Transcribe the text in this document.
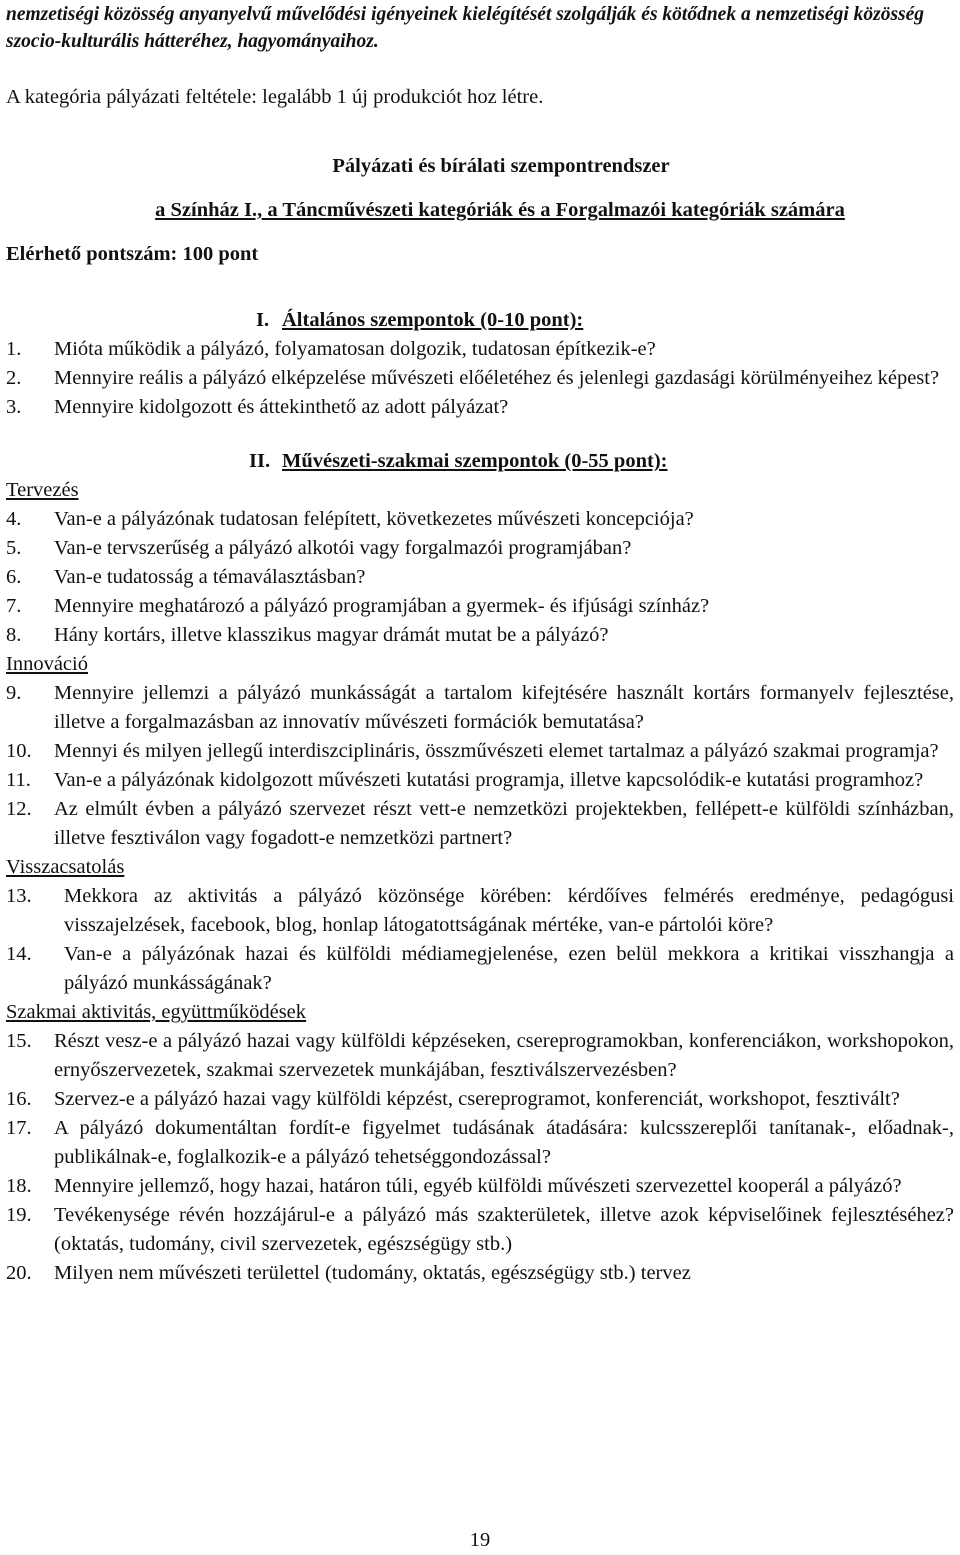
nemzetiségi közösség anyanyelvű művelődési igényeinek kielégítését szolgálják és kötődnek a nemzetiségi közösség szocio-kulturális hátteréhez, hagyományaihoz.
A kategória pályázati feltétele: legalább 1 új produkciót hoz létre.
Pályázati és bírálati szempontrendszer
a Színház I., a Táncművészeti kategóriák és a Forgalmazói kategóriák számára
Elérhető pontszám: 100 pont
I. Általános szempontok (0-10 pont):
1.	Mióta működik a pályázó, folyamatosan dolgozik, tudatosan építkezik-e?
2.	Mennyire reális a pályázó elképzelése művészeti előéletéhez és jelenlegi gazdasági körülményeihez képest?
3.	Mennyire kidolgozott és áttekinthető az adott pályázat?
II. Művészeti-szakmai szempontok (0-55 pont):
Tervezés
4.	Van-e a pályázónak tudatosan felépített, következetes művészeti koncepciója?
5.	Van-e tervszerűség a pályázó alkotói vagy forgalmazói programjában?
6.	Van-e tudatosság a témaválasztásban?
7.	Mennyire meghatározó a pályázó programjában a gyermek- és ifjúsági színház?
8.	Hány kortárs, illetve klasszikus magyar drámát mutat be a pályázó?
Innováció
9.	Mennyire jellemzi a pályázó munkásságát a tartalom kifejtésére használt kortárs formanyelv fejlesztése, illetve a forgalmazásban az innovatív művészeti formációk bemutatása?
10.	Mennyi és milyen jellegű interdiszciplináris, összművészeti elemet tartalmaz a pályázó szakmai programja?
11.	Van-e a pályázónak kidolgozott művészeti kutatási programja, illetve kapcsolódik-e kutatási programhoz?
12.	Az elmúlt évben a pályázó szervezet részt vett-e nemzetközi projektekben, fellépett-e külföldi színházban, illetve fesztiválon vagy fogadott-e nemzetközi partnert?
Visszacsatolás
13.	Mekkora az aktivitás a pályázó közönsége körében: kérdőíves felmérés eredménye, pedagógusi visszajelzések, facebook, blog, honlap látogatottságának mértéke, van-e pártolói köre?
14.	Van-e a pályázónak hazai és külföldi médiamegjelenése, ezen belül mekkora a kritikai visszhangja a pályázó munkásságának?
Szakmai aktivitás, együttműködések
15.	Részt vesz-e a pályázó hazai vagy külföldi képzéseken, csereprogramokban, konferenciákon, workshopokon, ernyőszervezetek, szakmai szervezetek munkájában, fesztiválszervezésben?
16.	Szervez-e a pályázó hazai vagy külföldi képzést, csereprogramot, konferenciát, workshopot, fesztivált?
17.	A pályázó dokumentáltan fordít-e figyelmet tudásának átadására: kulcsszereplői tanítanak-, előadnak-, publikálnak-e, foglalkozik-e a pályázó tehetséggondozással?
18.	Mennyire jellemző, hogy hazai, határon túli, egyéb külföldi művészeti szervezettel kooperál a pályázó?
19.	Tevékenysége révén hozzájárul-e a pályázó más szakterületek, illetve azok képviselőinek fejlesztéséhez? (oktatás, tudomány, civil szervezetek, egészségügy stb.)
20.	Milyen nem művészeti területtel (tudomány, oktatás, egészségügy stb.) tervez
19
